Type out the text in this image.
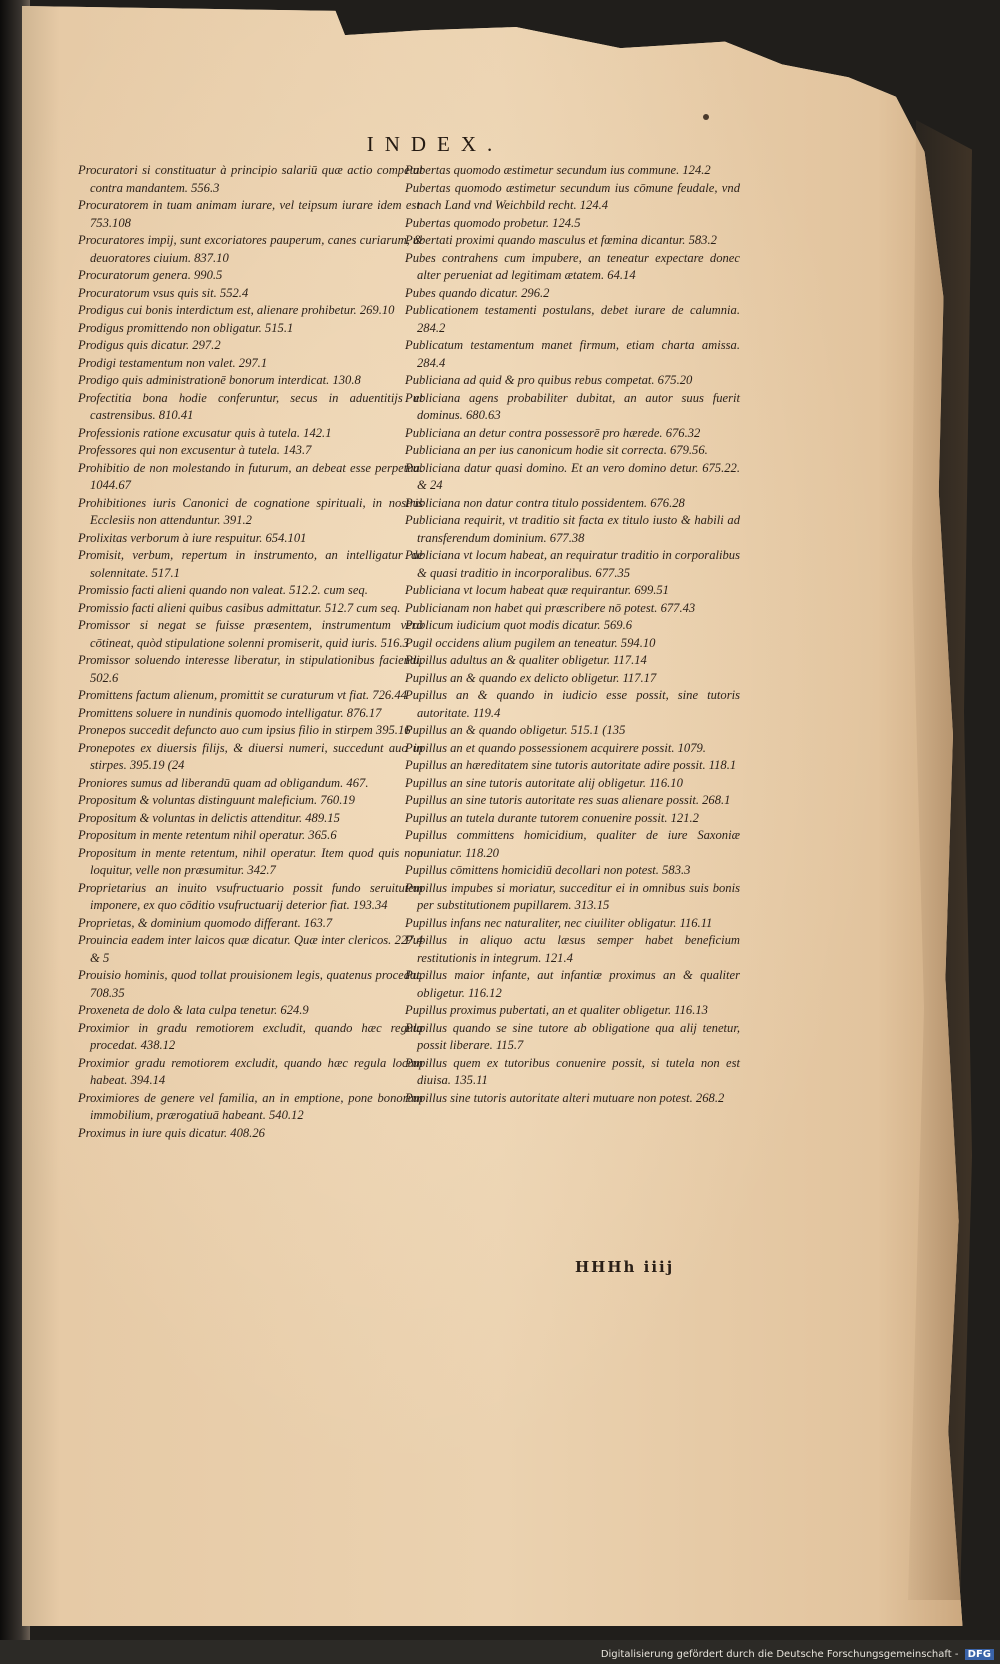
INDEX.
Procuratori si constituatur à principio salariū quæ actio competat contra mandantem. 556.3
Procuratorem in tuam animam iurare, vel teipsum iurare idem est. 753.108
Procuratores impij, sunt excoriatores pauperum, canes curiarum, & deuoratores ciuium. 837.10
Procuratorum genera. 990.5
Procuratorum vsus quis sit. 552.4
Prodigus cui bonis interdictum est, alienare prohibetur. 269.10
Prodigus promittendo non obligatur. 515.1
Prodigus quis dicatur. 297.2
Prodigi testamentum non valet. 297.1
Prodigo quis administrationē bonorum interdicat. 130.8
Profectitia bona hodie conferuntur, secus in aduentitijs et castrensibus. 810.41
Professionis ratione excusatur quis à tutela. 142.1
Professores qui non excusentur à tutela. 143.7
Prohibitio de non molestando in futurum, an debeat esse perpetua. 1044.67
Prohibitiones iuris Canonici de cognatione spirituali, in nostris Ecclesiis non attenduntur. 391.2
Prolixitas verborum à iure respuitur. 654.101
Promisit, verbum, repertum in instrumento, an intelligatur de solennitate. 517.1
Promissio facti alieni quando non valeat. 512.2. cum seq.
Promissio facti alieni quibus casibus admittatur. 512.7 cum seq.
Promissor si negat se fuisse præsentem, instrumentum verò cōtineat, quòd stipulatione solenni promiserit, quid iuris. 516.3
Promissor soluendo interesse liberatur, in stipulationibus faciendi. 502.6
Promittens factum alienum, promittit se curaturum vt fiat. 726.44
Promittens soluere in nundinis quomodo intelligatur. 876.17
Pronepos succedit defuncto auo cum ipsius filio in stirpem 395.16
Pronepotes ex diuersis filijs, & diuersi numeri, succedunt auo in stirpes. 395.19 (24
Proniores sumus ad liberandū quam ad obligandum. 467.
Propositum & voluntas distinguunt maleficium. 760.19
Propositum & voluntas in delictis attenditur. 489.15
Propositum in mente retentum nihil operatur. 365.6
Propositum in mente retentum, nihil operatur. Item quod quis non loquitur, velle non præsumitur. 342.7
Proprietarius an inuito vsufructuario possit fundo seruitutem imponere, ex quo cōditio vsufructuarij deterior fiat. 193.34
Proprietas, & dominium quomodo differant. 163.7
Prouincia eadem inter laicos quæ dicatur. Quæ inter clericos. 227.4 & 5
Prouisio hominis, quod tollat prouisionem legis, quatenus procedat. 708.35
Proxeneta de dolo & lata culpa tenetur. 624.9
Proximior in gradu remotiorem excludit, quando hæc regula procedat. 438.12
Proximior gradu remotiorem excludit, quando hæc regula locum habeat. 394.14
Proximiores de genere vel familia, an in emptione, pone bonorum immobilium, prærogatiuā habeant. 540.12
Proximus in iure quis dicatur. 408.26
Pubertas quomodo æstimetur secundum ius commune. 124.2
Pubertas quomodo æstimetur secundum ius cōmune feudale, vnd nach Land vnd Weichbild recht. 124.4
Pubertas quomodo probetur. 124.5
Pubertati proximi quando masculus et fœmina dicantur. 583.2
Pubes contrahens cum impubere, an teneatur expectare donec alter perueniat ad legitimam ætatem. 64.14
Pubes quando dicatur. 296.2
Publicationem testamenti postulans, debet iurare de calumnia. 284.2
Publicatum testamentum manet firmum, etiam charta amissa. 284.4
Publiciana ad quid & pro quibus rebus competat. 675.20
Publiciana agens probabiliter dubitat, an autor suus fuerit dominus. 680.63
Publiciana an detur contra possessorē pro hærede. 676.32
Publiciana an per ius canonicum hodie sit correcta. 679.56.
Publiciana datur quasi domino. Et an vero domino detur. 675.22. & 24
Publiciana non datur contra titulo possidentem. 676.28
Publiciana requirit, vt traditio sit facta ex titulo iusto & habili ad transferendum dominium. 677.38
Publiciana vt locum habeat, an requiratur traditio in corporalibus & quasi traditio in incorporalibus. 677.35
Publiciana vt locum habeat quæ requirantur. 699.51
Publicianam non habet qui præscribere nō potest. 677.43
Publicum iudicium quot modis dicatur. 569.6
Pugil occidens alium pugilem an teneatur. 594.10
Pupillus adultus an & qualiter obligetur. 117.14
Pupillus an & quando ex delicto obligetur. 117.17
Pupillus an & quando in iudicio esse possit, sine tutoris autoritate. 119.4
Pupillus an & quando obligetur. 515.1 (135
Pupillus an et quando possessionem acquirere possit. 1079.
Pupillus an hæreditatem sine tutoris autoritate adire possit. 118.1
Pupillus an sine tutoris autoritate alij obligetur. 116.10
Pupillus an sine tutoris autoritate res suas alienare possit. 268.1
Pupillus an tutela durante tutorem conuenire possit. 121.2
Pupillus committens homicidium, qualiter de iure Saxoniæ puniatur. 118.20
Pupillus cōmittens homicidiū decollari non potest. 583.3
Pupillus impubes si moriatur, succeditur ei in omnibus suis bonis per substitutionem pupillarem. 313.15
Pupillus infans nec naturaliter, nec ciuiliter obligatur. 116.11
Pupillus in aliquo actu læsus semper habet beneficium restitutionis in integrum. 121.4
Pupillus maior infante, aut infantiæ proximus an & qualiter obligetur. 116.12
Pupillus proximus pubertati, an et qualiter obligetur. 116.13
Pupillus quando se sine tutore ab obligatione qua alij tenetur, possit liberare. 115.7
Pupillus quem ex tutoribus conuenire possit, si tutela non est diuisa. 135.11
Pupillus sine tutoris autoritate alteri mutuare non potest. 268.2
HHHh iiij
Digitalisierung gefördert durch die Deutsche Forschungsgemeinschaft - DFG
